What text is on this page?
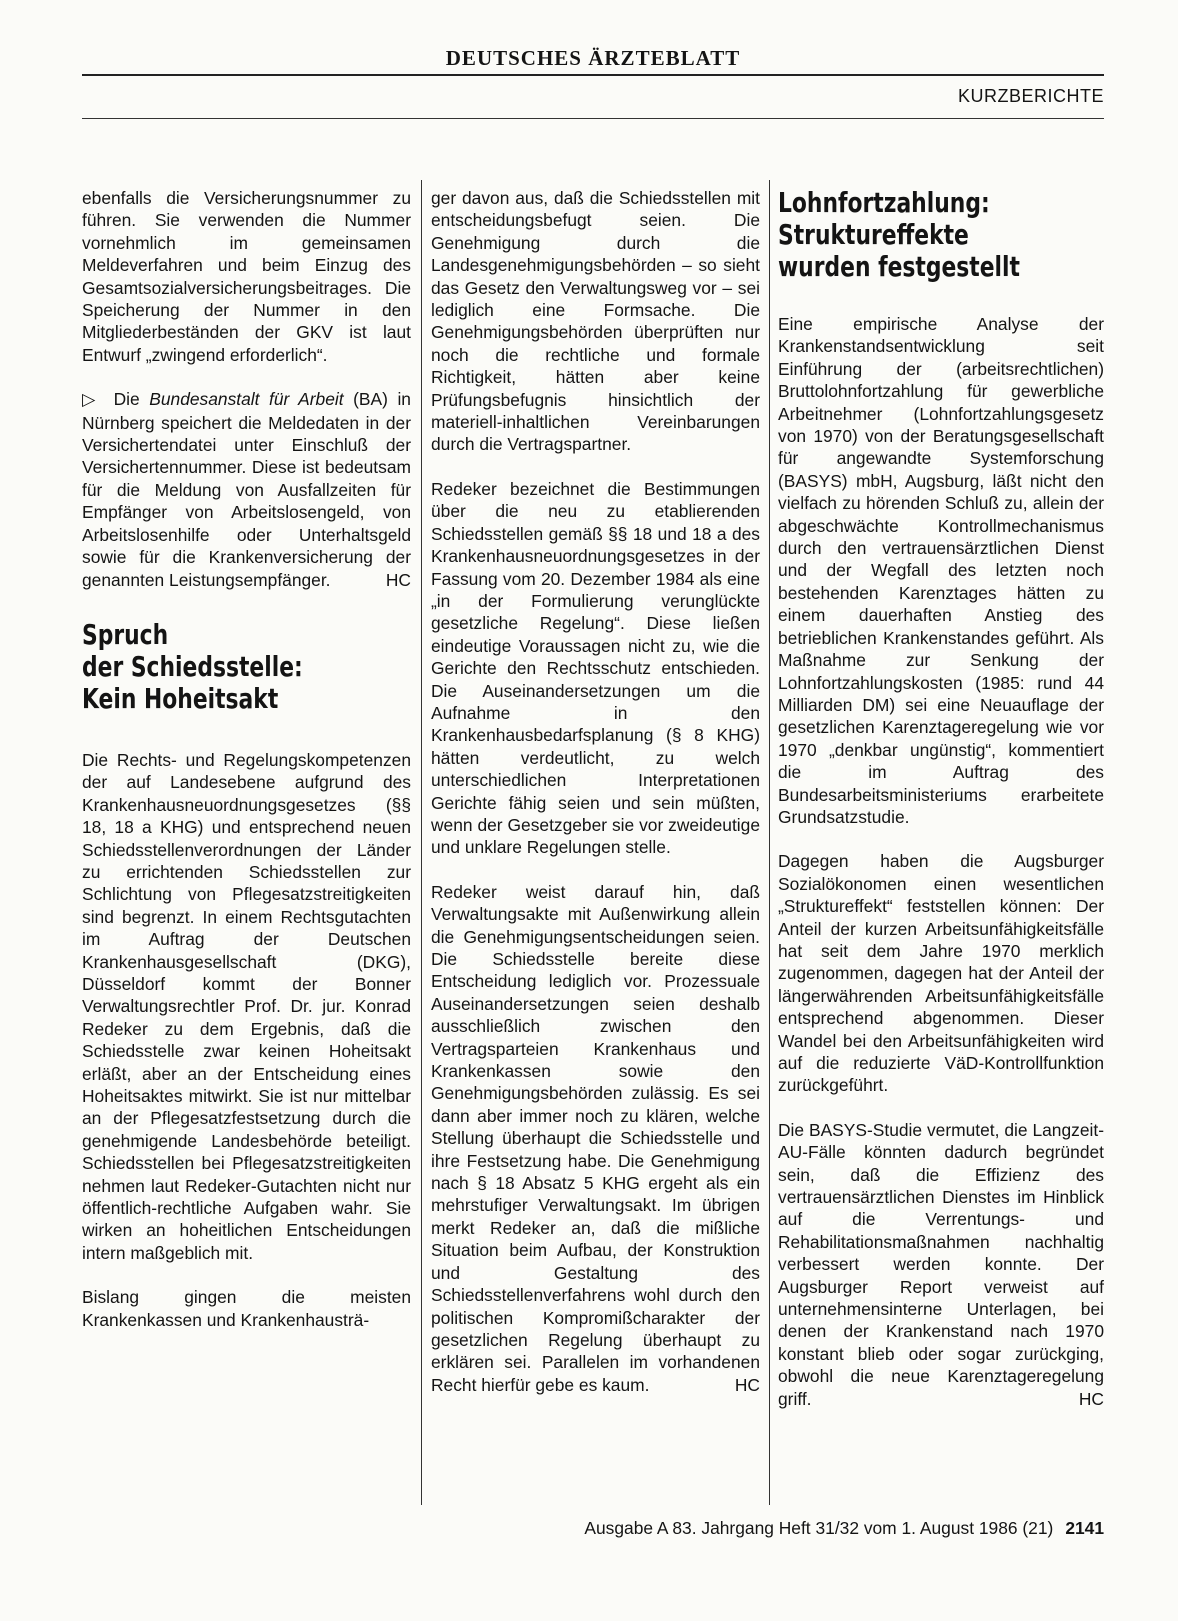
DEUTSCHES ÄRZTEBLATT
KURZBERICHTE

ebenfalls die Versicherungsnummer zu führen. Sie verwenden die Nummer vornehmlich im gemeinsamen Meldeverfahren und beim Einzug des Gesamtsozialversicherungsbeitrages. Die Speicherung der Nummer in den Mitgliederbeständen der GKV ist laut Entwurf „zwingend erforderlich“.

▷ Die Bundesanstalt für Arbeit (BA) in Nürnberg speichert die Meldedaten in der Versichertendatei unter Einschluß der Versichertennummer. Diese ist bedeutsam für die Meldung von Ausfallzeiten für Empfänger von Arbeitslosengeld, von Arbeitslosenhilfe oder Unterhaltsgeld sowie für die Krankenversicherung der genannten Leistungsempfänger.	HC

Spruch
der Schiedsstelle:
Kein Hoheitsakt

Die Rechts- und Regelungskompetenzen der auf Landesebene aufgrund des Krankenhausneuordnungsgesetzes (§§ 18, 18 a KHG) und entsprechend neuen Schiedsstellenverordnungen der Länder zu errichtenden Schiedsstellen zur Schlichtung von Pflegesatzstreitigkeiten sind begrenzt. In einem Rechtsgutachten im Auftrag der Deutschen Krankenhausgesellschaft (DKG), Düsseldorf kommt der Bonner Verwaltungsrechtler Prof. Dr. jur. Konrad Redeker zu dem Ergebnis, daß die Schiedsstelle zwar keinen Hoheitsakt erläßt, aber an der Entscheidung eines Hoheitsaktes mitwirkt. Sie ist nur mittelbar an der Pflegesatzfestsetzung durch die genehmigende Landesbehörde beteiligt. Schiedsstellen bei Pflegesatzstreitigkeiten nehmen laut Redeker-Gutachten nicht nur öffentlich-rechtliche Aufgaben wahr. Sie wirken an hoheitlichen Entscheidungen intern maßgeblich mit.

Bislang gingen die meisten Krankenkassen und Krankenhausträ-

ger davon aus, daß die Schiedsstellen mit entscheidungsbefugt seien. Die Genehmigung durch die Landesgenehmigungsbehörden – so sieht das Gesetz den Verwaltungsweg vor – sei lediglich eine Formsache. Die Genehmigungsbehörden überprüften nur noch die rechtliche und formale Richtigkeit, hätten aber keine Prüfungsbefugnis hinsichtlich der materiell-inhaltlichen Vereinbarungen durch die Vertragspartner.

Redeker bezeichnet die Bestimmungen über die neu zu etablierenden Schiedsstellen gemäß §§ 18 und 18 a des Krankenhausneuordnungsgesetzes in der Fassung vom 20. Dezember 1984 als eine „in der Formulierung verunglückte gesetzliche Regelung“. Diese ließen eindeutige Voraussagen nicht zu, wie die Gerichte den Rechtsschutz entschieden. Die Auseinandersetzungen um die Aufnahme in den Krankenhausbedarfsplanung (§ 8 KHG) hätten verdeutlicht, zu welch unterschiedlichen Interpretationen Gerichte fähig seien und sein müßten, wenn der Gesetzgeber sie vor zweideutige und unklare Regelungen stelle.

Redeker weist darauf hin, daß Verwaltungsakte mit Außenwirkung allein die Genehmigungsentscheidungen seien. Die Schiedsstelle bereite diese Entscheidung lediglich vor. Prozessuale Auseinandersetzungen seien deshalb ausschließlich zwischen den Vertragsparteien Krankenhaus und Krankenkassen sowie den Genehmigungsbehörden zulässig. Es sei dann aber immer noch zu klären, welche Stellung überhaupt die Schiedsstelle und ihre Festsetzung habe. Die Genehmigung nach § 18 Absatz 5 KHG ergeht als ein mehrstufiger Verwaltungsakt. Im übrigen merkt Redeker an, daß die mißliche Situation beim Aufbau, der Konstruktion und Gestaltung des Schiedsstellenverfahrens wohl durch den politischen Kompromißcharakter der gesetzlichen Regelung überhaupt zu erklären sei. Parallelen im vorhandenen Recht hierfür gebe es kaum.	HC

Lohnfortzahlung:
Struktureffekte
wurden festgestellt

Eine empirische Analyse der Krankenstandsentwicklung seit Einführung der (arbeitsrechtlichen) Bruttolohnfortzahlung für gewerbliche Arbeitnehmer (Lohnfortzahlungsgesetz von 1970) von der Beratungsgesellschaft für angewandte Systemforschung (BASYS) mbH, Augsburg, läßt nicht den vielfach zu hörenden Schluß zu, allein der abgeschwächte Kontrollmechanismus durch den vertrauensärztlichen Dienst und der Wegfall des letzten noch bestehenden Karenztages hätten zu einem dauerhaften Anstieg des betrieblichen Krankenstandes geführt. Als Maßnahme zur Senkung der Lohnfortzahlungskosten (1985: rund 44 Milliarden DM) sei eine Neuauflage der gesetzlichen Karenztageregelung wie vor 1970 „denkbar ungünstig“, kommentiert die im Auftrag des Bundesarbeitsministeriums erarbeitete Grundsatzstudie.

Dagegen haben die Augsburger Sozialökonomen einen wesentlichen „Struktureffekt“ feststellen können: Der Anteil der kurzen Arbeitsunfähigkeitsfälle hat seit dem Jahre 1970 merklich zugenommen, dagegen hat der Anteil der längerwährenden Arbeitsunfähigkeitsfälle entsprechend abgenommen. Dieser Wandel bei den Arbeitsunfähigkeiten wird auf die reduzierte VäD-Kontrollfunktion zurückgeführt.

Die BASYS-Studie vermutet, die Langzeit-AU-Fälle könnten dadurch begründet sein, daß die Effizienz des vertrauensärztlichen Dienstes im Hinblick auf die Verrentungs- und Rehabilitationsmaßnahmen nachhaltig verbessert werden konnte. Der Augsburger Report verweist auf unternehmensinterne Unterlagen, bei denen der Krankenstand nach 1970 konstant blieb oder sogar zurückging, obwohl die neue Karenztageregelung griff.	HC

Ausgabe A 83. Jahrgang Heft 31/32 vom 1. August 1986 (21) 2141
